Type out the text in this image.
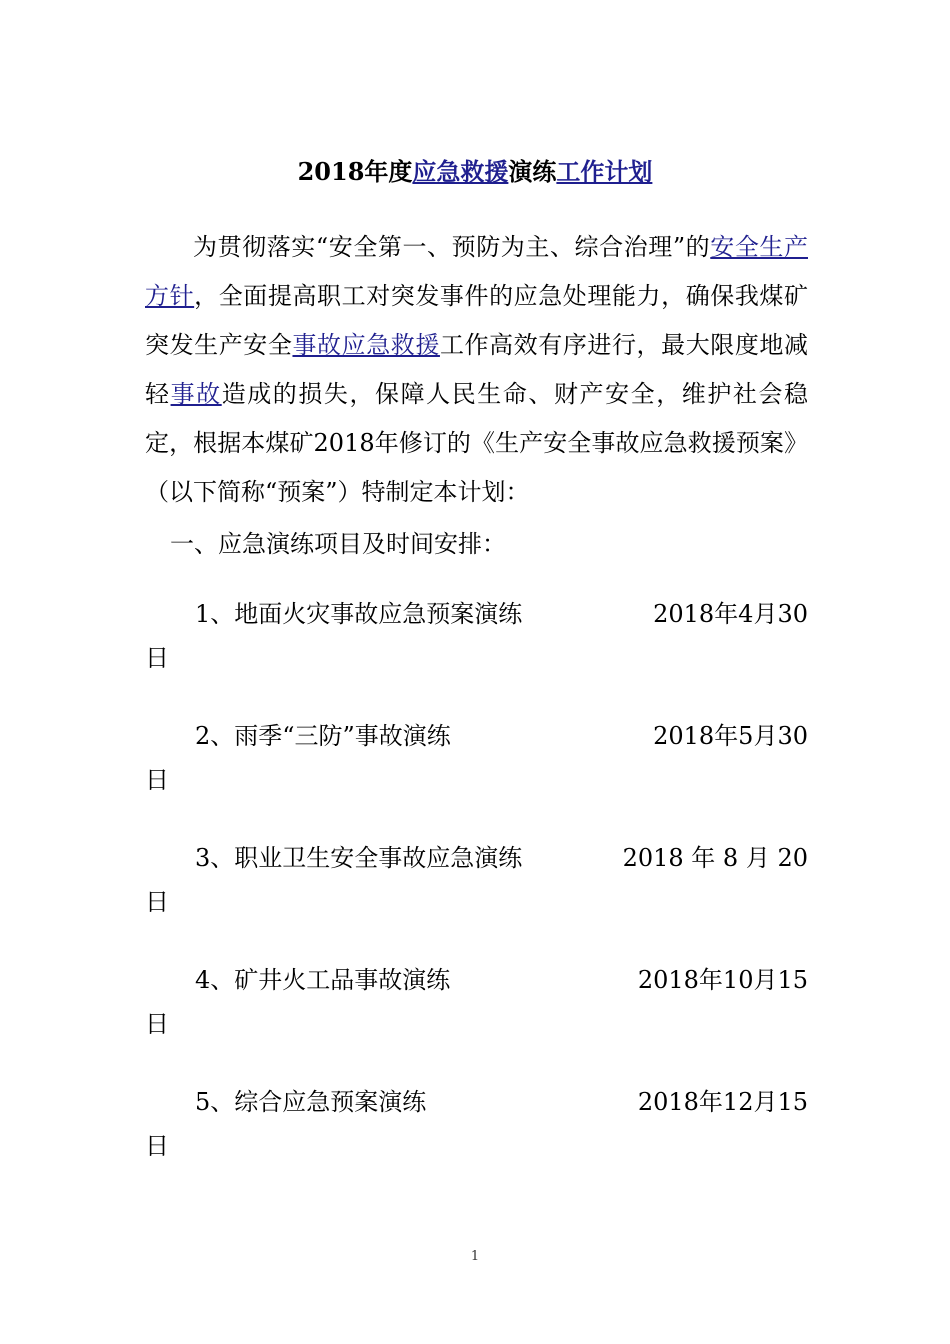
2018年度应急救援演练工作计划

为贯彻落实“安全第一、预防为主、综合治理”的安全生产方针，全面提高职工对突发事件的应急处理能力，确保我煤矿突发生产安全事故应急救援工作高效有序进行，最大限度地减轻事故造成的损失，保障人民生命、财产安全，维护社会稳定，根据本煤矿2018年修订的《生产安全事故应急救援预案》（以下简称“预案”）特制定本计划：

一、应急演练项目及时间安排：
1、地面火灾事故应急预案演练	2018年4月30
日
2、雨季“三防”事故演练	2018年5月30
日
3、职业卫生安全事故应急演练	2018 年 8 月 20
日
4、矿井火工品事故演练	2018年10月15
日
5、综合应急预案演练	2018年12月15
日
1
